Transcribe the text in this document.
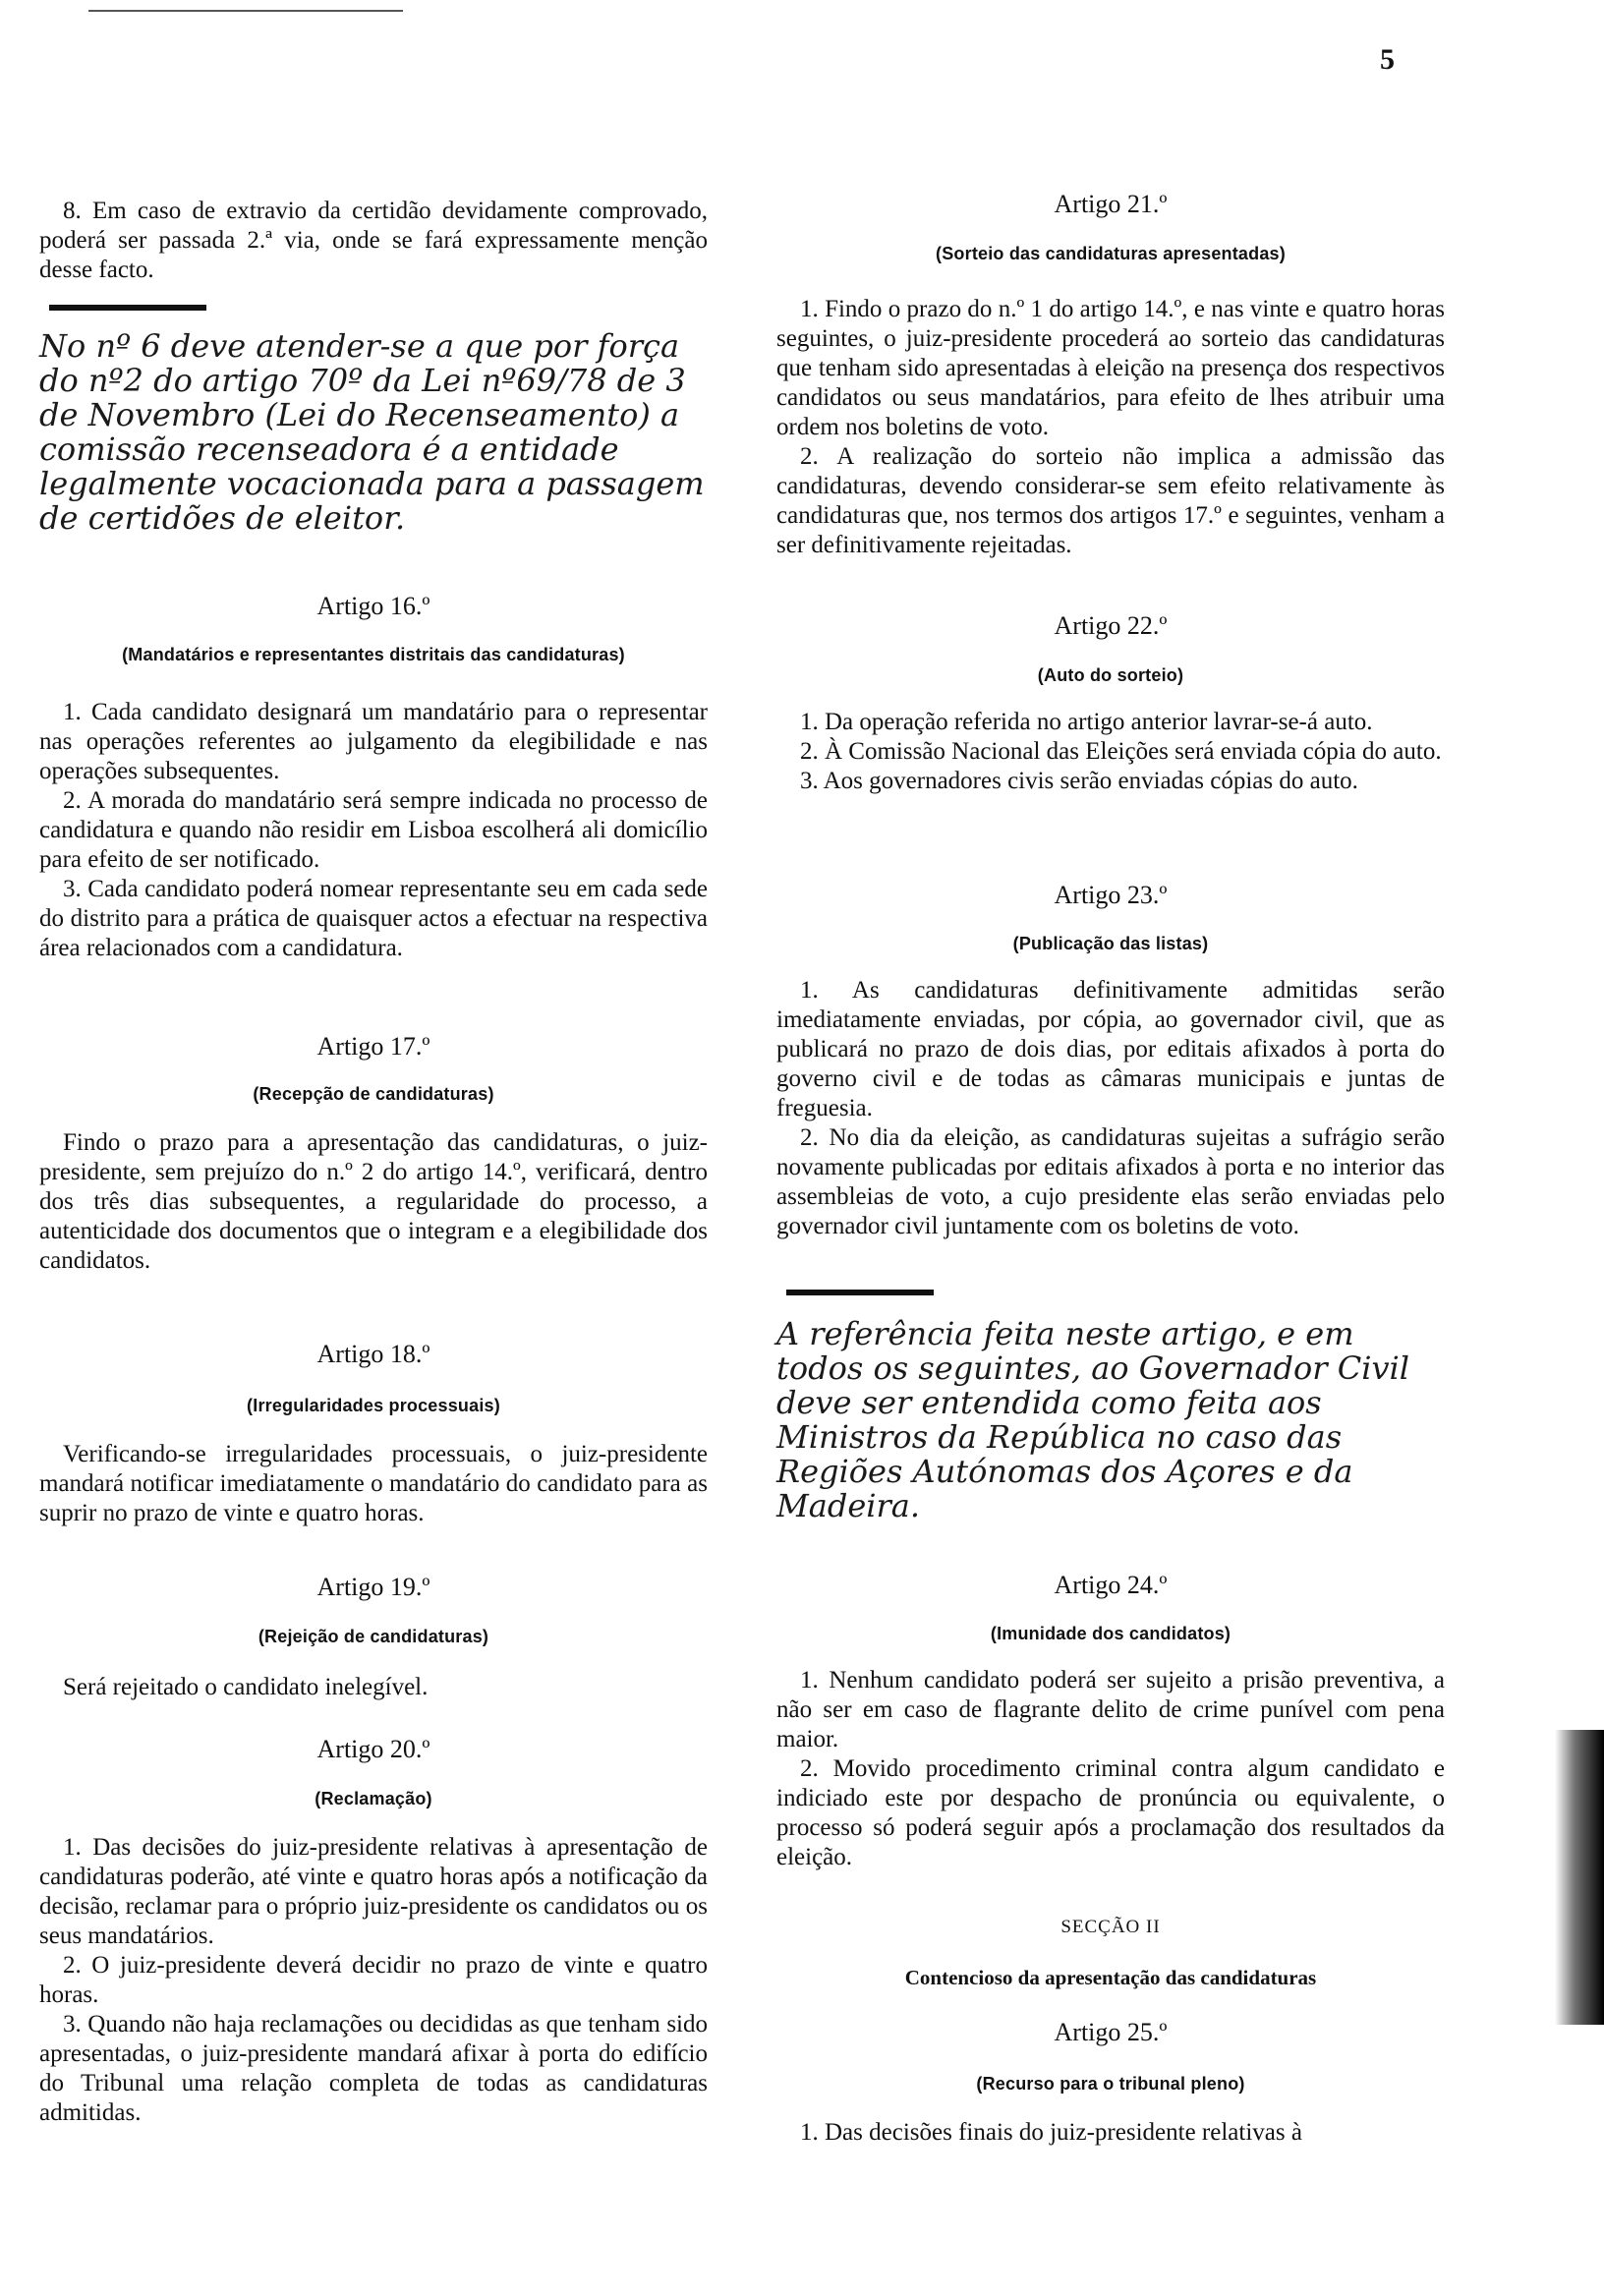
5

8. Em caso de extravio da certidão devidamente comprovado, poderá ser passada 2.ª via, onde se fará expressamente menção desse facto.

No nº 6 deve atender-se a que por força do nº2 do artigo 70º da Lei nº69/78 de 3 de Novembro (Lei do Recenseamento) a comissão recenseadora é a entidade legalmente vocacionada para a passagem de certidões de eleitor.
Artigo 16.º
(Mandatários e representantes distritais das candidaturas)

1. Cada candidato designará um mandatário para o representar nas operações referentes ao julgamento da elegibilidade e nas operações subsequentes.

2. A morada do mandatário será sempre indicada no processo de candidatura e quando não residir em Lisboa escolherá ali domicílio para efeito de ser notificado.

3. Cada candidato poderá nomear representante seu em cada sede do distrito para a prática de quaisquer actos a efectuar na respectiva área relacionados com a candidatura.

Artigo 17.º
(Recepção de candidaturas)

Findo o prazo para a apresentação das candidaturas, o juiz-presidente, sem prejuízo do n.º 2 do artigo 14.º, verificará, dentro dos três dias subsequentes, a regularidade do processo, a autenticidade dos documentos que o integram e a elegibilidade dos candidatos.

Artigo 18.º
(Irregularidades processuais)

Verificando-se irregularidades processuais, o juiz-presidente mandará notificar imediatamente o mandatário do candidato para as suprir no prazo de vinte e quatro horas.

Artigo 19.º
(Rejeição de candidaturas)

Será rejeitado o candidato inelegível.

Artigo 20.º
(Reclamação)

1. Das decisões do juiz-presidente relativas à apresentação de candidaturas poderão, até vinte e quatro horas após a notificação da decisão, reclamar para o próprio juiz-presidente os candidatos ou os seus mandatários.

2. O juiz-presidente deverá decidir no prazo de vinte e quatro horas.

3. Quando não haja reclamações ou decididas as que tenham sido apresentadas, o juiz-presidente mandará afixar à porta do edifício do Tribunal uma relação completa de todas as candidaturas admitidas.

Artigo 21.º
(Sorteio das candidaturas apresentadas)

1. Findo o prazo do n.º 1 do artigo 14.º, e nas vinte e quatro horas seguintes, o juiz-presidente procederá ao sorteio das candidaturas que tenham sido apresentadas à eleição na presença dos respectivos candidatos ou seus mandatários, para efeito de lhes atribuir uma ordem nos boletins de voto.

2. A realização do sorteio não implica a admissão das candidaturas, devendo considerar-se sem efeito relativamente às candidaturas que, nos termos dos artigos 17.º e seguintes, venham a ser definitivamente rejeitadas.

Artigo 22.º
(Auto do sorteio)

1. Da operação referida no artigo anterior lavrar-se-á auto.

2. À Comissão Nacional das Eleições será enviada cópia do auto.

3. Aos governadores civis serão enviadas cópias do auto.

Artigo 23.º
(Publicação das listas)

1. As candidaturas definitivamente admitidas serão imediatamente enviadas, por cópia, ao governador civil, que as publicará no prazo de dois dias, por editais afixados à porta do governo civil e de todas as câmaras municipais e juntas de freguesia.

2. No dia da eleição, as candidaturas sujeitas a sufrágio serão novamente publicadas por editais afixados à porta e no interior das assembleias de voto, a cujo presidente elas serão enviadas pelo governador civil juntamente com os boletins de voto.

A referência feita neste artigo, e em todos os seguintes, ao Governador Civil deve ser entendida como feita aos Ministros da República no caso das Regiões Autónomas dos Açores e da Madeira.
Artigo 24.º
(Imunidade dos candidatos)

1. Nenhum candidato poderá ser sujeito a prisão preventiva, a não ser em caso de flagrante delito de crime punível com pena maior.

2. Movido procedimento criminal contra algum candidato e indiciado este por despacho de pronúncia ou equivalente, o processo só poderá seguir após a proclamação dos resultados da eleição.

SECÇÃO II
Contencioso da apresentação das candidaturas
Artigo 25.º
(Recurso para o tribunal pleno)

1. Das decisões finais do juiz-presidente relativas à
